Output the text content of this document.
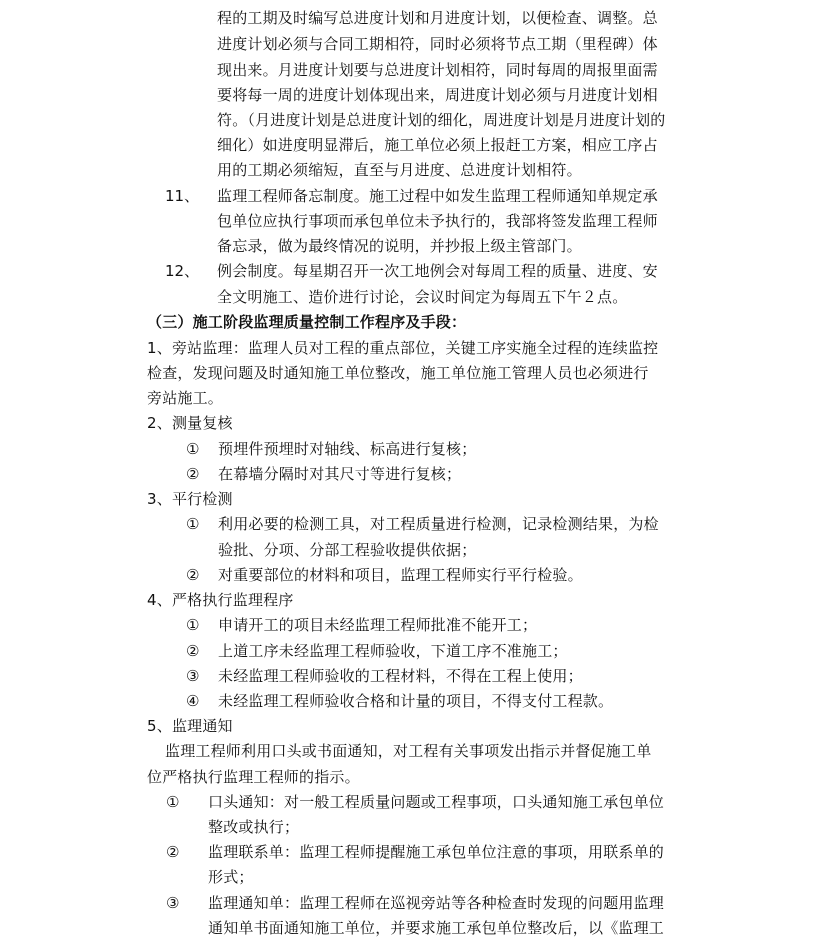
程的工期及时编写总进度计划和月进度计划，以便检查、调整。总
进度计划必须与合同工期相符，同时必须将节点工期（里程碑）体
现出来。月进度计划要与总进度计划相符，同时每周的周报里面需
要将每一周的进度计划体现出来，周进度计划必须与月进度计划相
符。（月进度计划是总进度计划的细化，周进度计划是月进度计划的
细化）如进度明显滞后，施工单位必须上报赶工方案，相应工序占
用的工期必须缩短，直至与月进度、总进度计划相符。
11、 监理工程师备忘制度。施工过程中如发生监理工程师通知单规定承
包单位应执行事项而承包单位未予执行的，我部将签发监理工程师
备忘录，做为最终情况的说明，并抄报上级主管部门。
12、 例会制度。每星期召开一次工地例会对每周工程的质量、进度、安
全文明施工、造价进行讨论，会议时间定为每周五下午２点。
（三）施工阶段监理质量控制工作程序及手段：
1、旁站监理：监理人员对工程的重点部位，关键工序实施全过程的连续监控
检查，发现问题及时通知施工单位整改，施工单位施工管理人员也必须进行
旁站施工。
2、测量复核
① 预埋件预埋时对轴线、标高进行复核；
② 在幕墙分隔时对其尺寸等进行复核；
3、平行检测
① 利用必要的检测工具，对工程质量进行检测，记录检测结果，为检
验批、分项、分部工程验收提供依据；
② 对重要部位的材料和项目，监理工程师实行平行检验。
4、严格执行监理程序
① 申请开工的项目未经监理工程师批准不能开工；
② 上道工序未经监理工程师验收，下道工序不准施工；
③ 未经监理工程师验收的工程材料，不得在工程上使用；
④ 未经监理工程师验收合格和计量的项目，不得支付工程款。
5、监理通知
监理工程师利用口头或书面通知，对工程有关事项发出指示并督促施工单
位严格执行监理工程师的指示。
① 口头通知：对一般工程质量问题或工程事项，口头通知施工承包单位
整改或执行；
② 监理联系单：监理工程师提醒施工承包单位注意的事项，用联系单的
形式；
③ 监理通知单：监理工程师在巡视旁站等各种检查时发现的问题用监理
通知单书面通知施工单位，并要求施工承包单位整改后，以《监理工
